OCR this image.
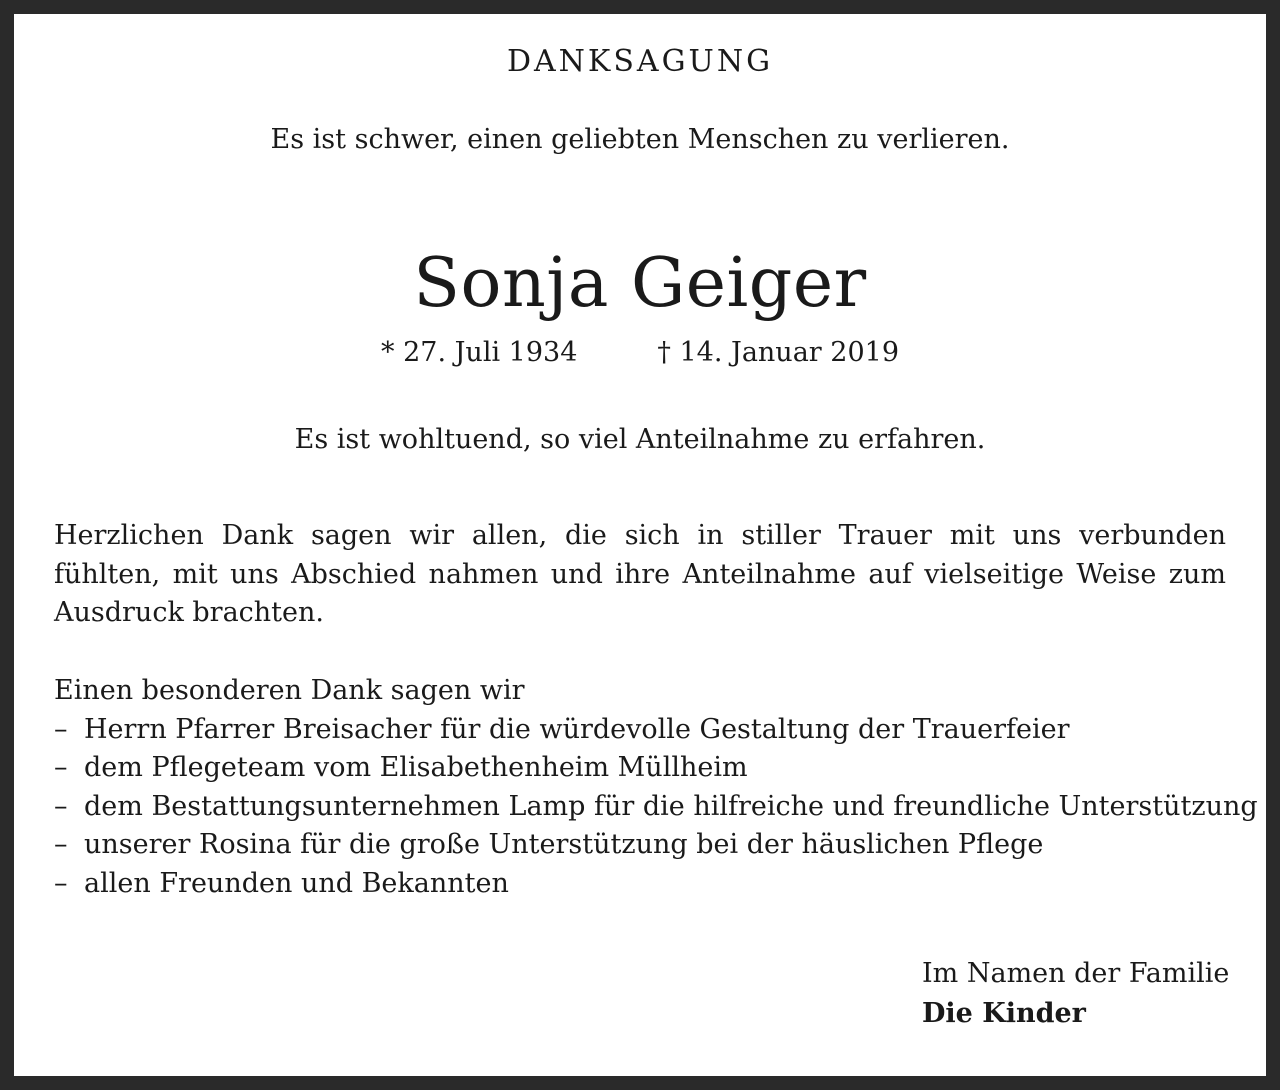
DANKSAGUNG
Es ist schwer, einen geliebten Menschen zu verlieren.
Sonja Geiger
* 27. Juli 1934	† 14. Januar 2019
Es ist wohltuend, so viel Anteilnahme zu erfahren.
Herzlichen Dank sagen wir allen, die sich in stiller Trauer mit uns verbunden fühlten, mit uns Abschied nahmen und ihre Anteilnahme auf vielseitige Weise zum Ausdruck brachten.
Einen besonderen Dank sagen wir
– Herrn Pfarrer Breisacher für die würdevolle Gestaltung der Trauerfeier
– dem Pflegeteam vom Elisabethenheim Müllheim
– dem Bestattungsunternehmen Lamp für die hilfreiche und freundliche Unterstützung
– unserer Rosina für die große Unterstützung bei der häuslichen Pflege
– allen Freunden und Bekannten
Im Namen der Familie
Die Kinder
